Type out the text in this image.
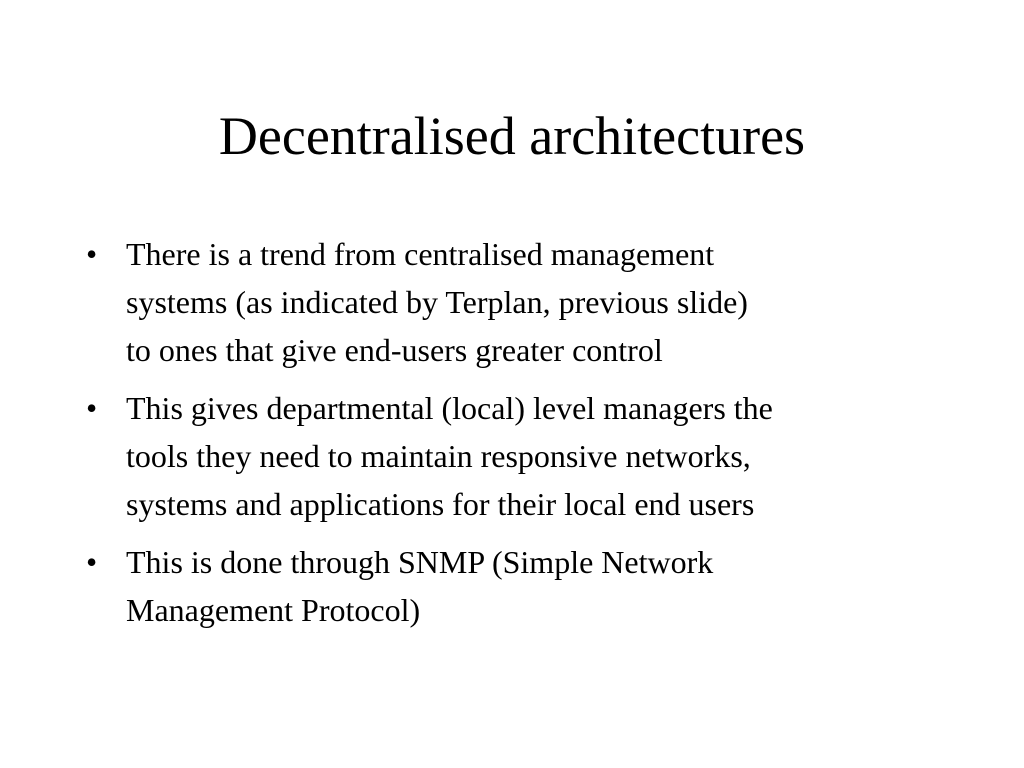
Decentralised architectures
• There is a trend from centralised management
systems (as indicated by Terplan, previous slide)
to ones that give end-users greater control
• This gives departmental (local) level managers the
tools they need to maintain responsive networks,
systems and applications for their local end users
• This is done through SNMP (Simple Network
Management Protocol)
